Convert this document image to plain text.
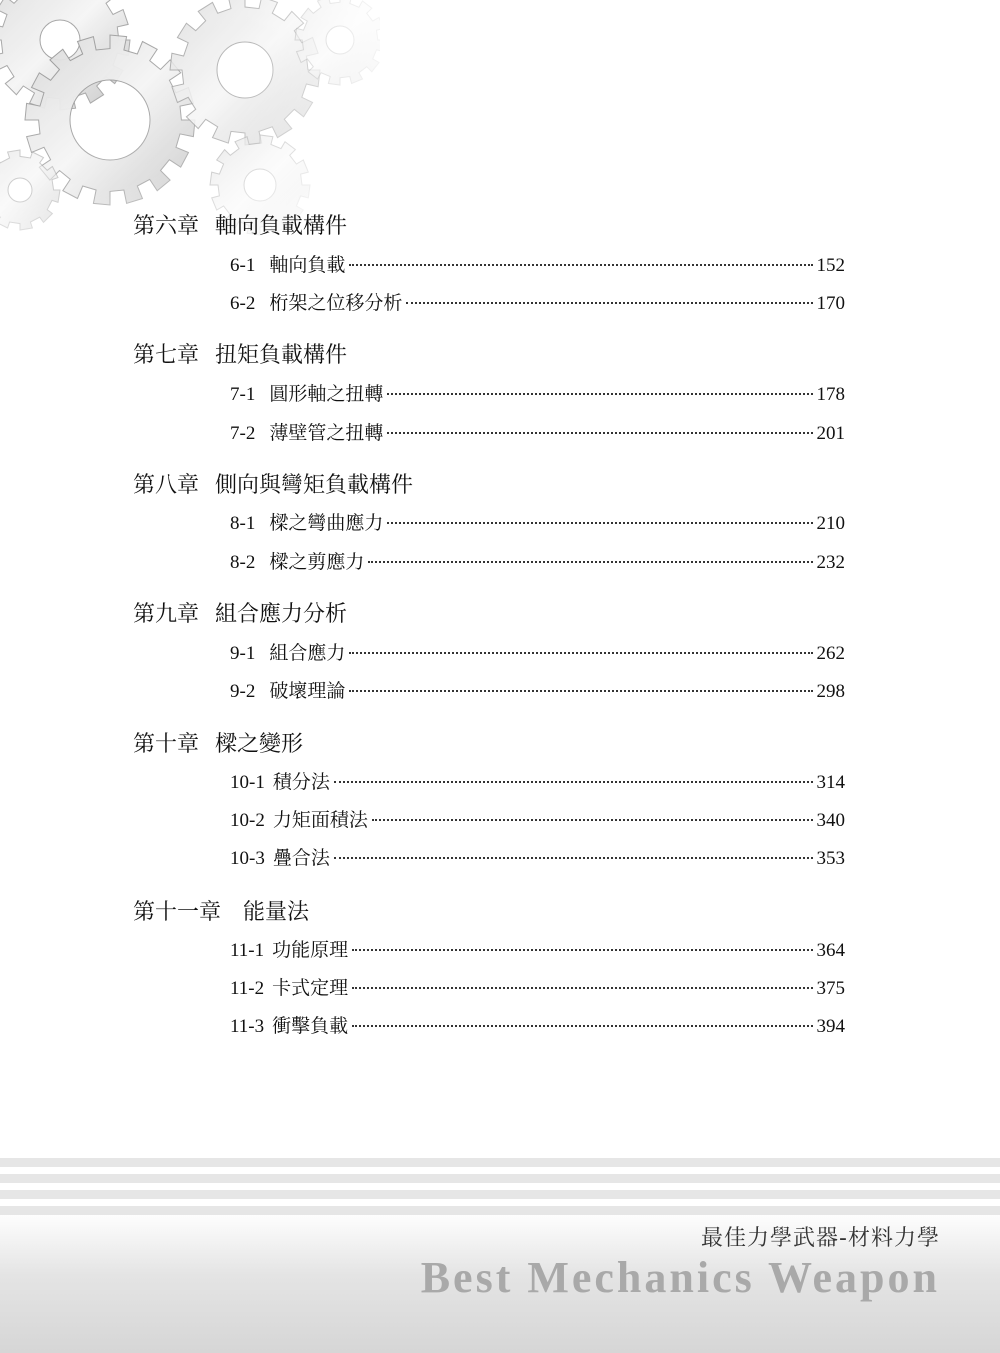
第六章 軸向負載構件
6-1 軸向負載	152
6-2 桁架之位移分析	170
第七章 扭矩負載構件
7-1 圓形軸之扭轉	178
7-2 薄壁管之扭轉	201
第八章 側向與彎矩負載構件
8-1 樑之彎曲應力	210
8-2 樑之剪應力	232
第九章 組合應力分析
9-1 組合應力	262
9-2 破壞理論	298
第十章 樑之變形
10-1 積分法	314
10-2 力矩面積法	340
10-3 疊合法	353
第十一章 能量法
11-1 功能原理	364
11-2 卡式定理	375
11-3 衝擊負載	394
最佳力學武器-材料力學
Best Mechanics Weapon
